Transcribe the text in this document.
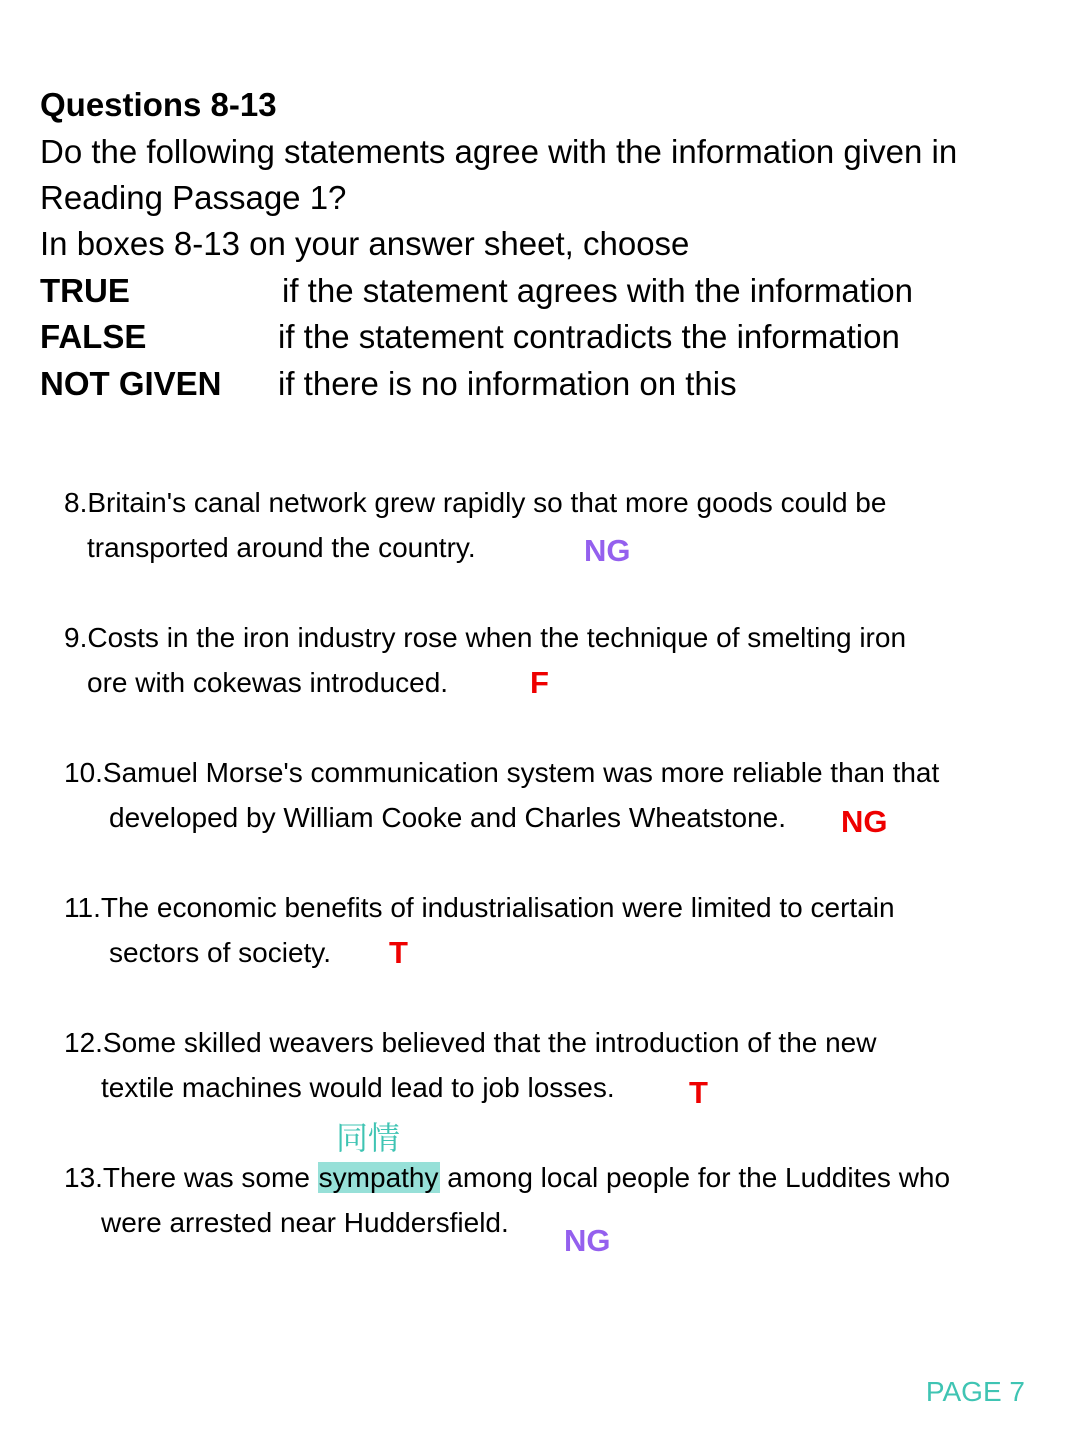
Questions 8-13
Do the following statements agree with the information given in
Reading Passage 1?
In boxes 8-13 on your answer sheet, choose
TRUE	if the statement agrees with the information
FALSE	if the statement contradicts the information
NOT GIVEN if there is no information on this
8.Britain's canal network grew rapidly so that more goods could be
transported around the country.	NG
9.Costs in the iron industry rose when the technique of smelting iron
ore with cokewas introduced.	F
10.Samuel Morse's communication system was more reliable than that
developed by William Cooke and Charles Wheatstone. NG
11.The economic benefits of industrialisation were limited to certain
sectors of society. T
12.Some skilled weavers believed that the introduction of the new
textile machines would lead to job losses. T
同情
13.There was some sympathy among local people for the Luddites who
were arrested near Huddersfield.
NG
PAGE 7
